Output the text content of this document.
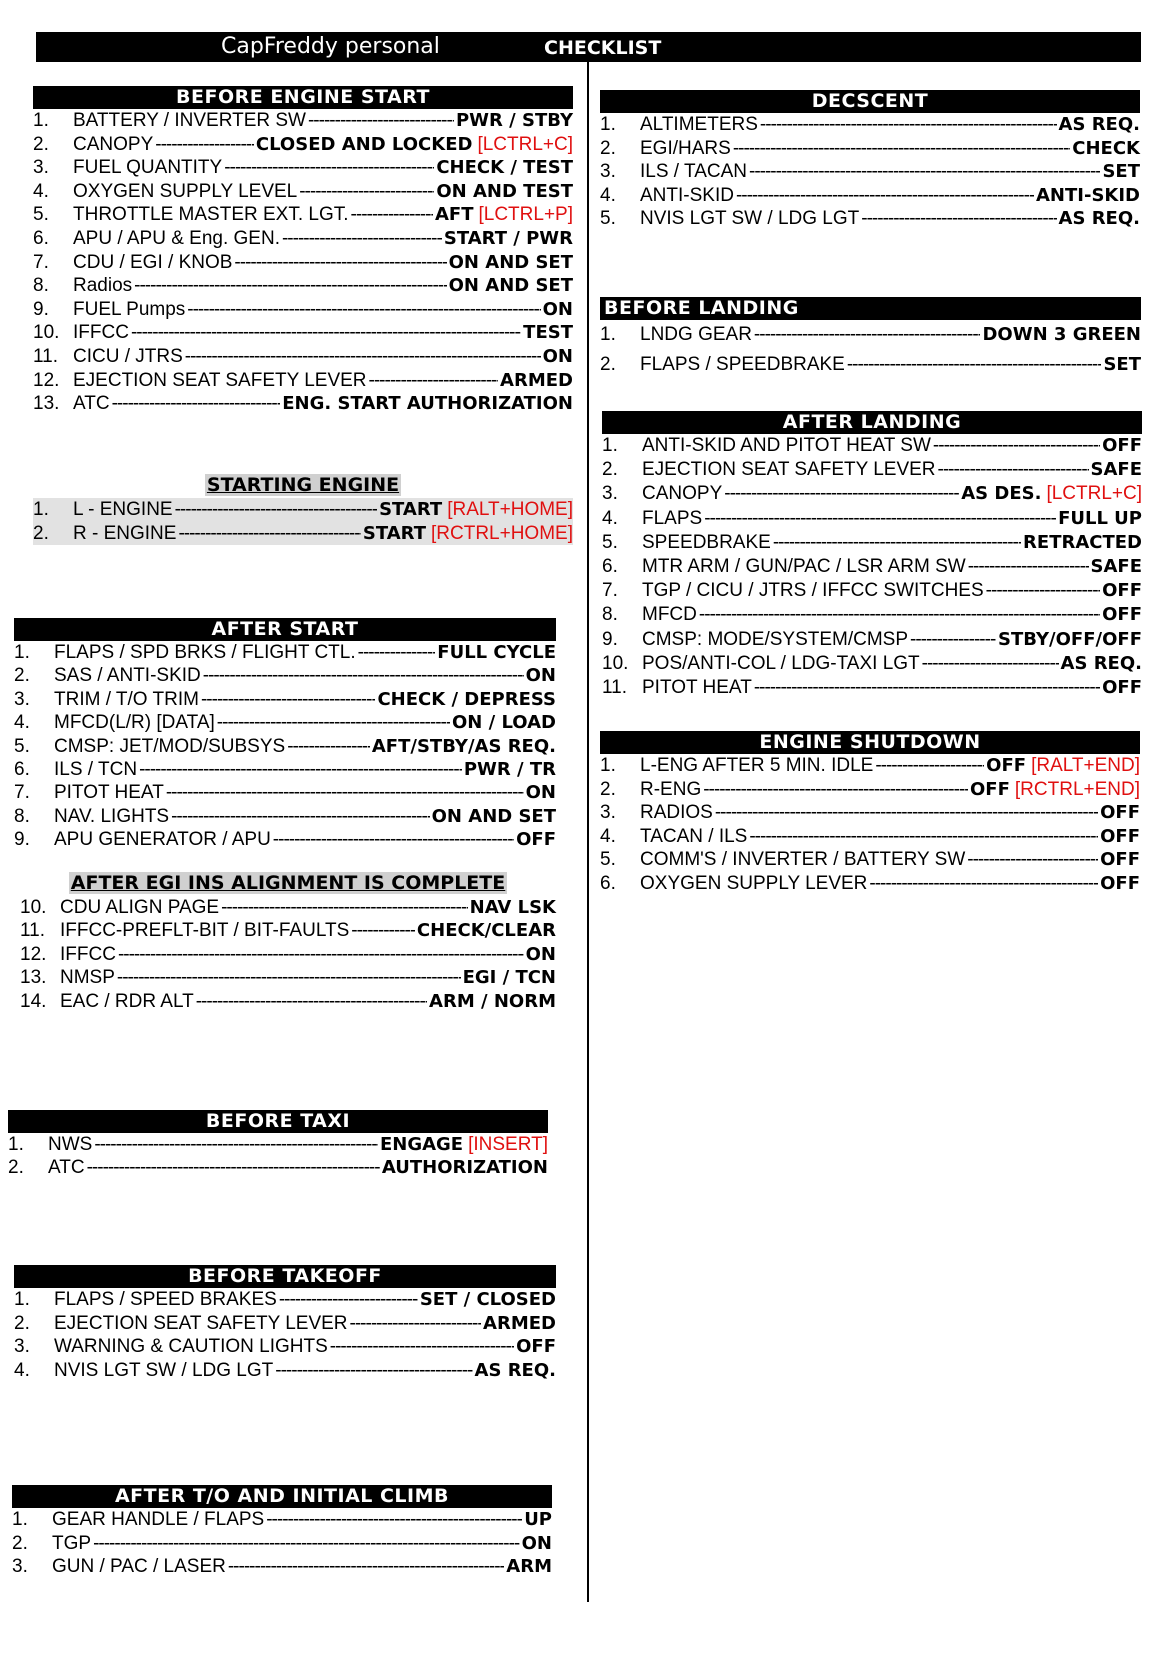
CapFreddy personal	CHECKLIST
BEFORE ENGINE START
1.	BATTERY / INVERTER SW -----	PWR / STBY
2.	CANOPY -----	CLOSED AND LOCKED [LCTRL+C]
3.	FUEL QUANTITY -----	CHECK / TEST
4.	OXYGEN SUPPLY LEVEL -----	ON AND TEST
5.	THROTTLE MASTER EXT. LGT. -----	AFT [LCTRL+P]
6.	APU / APU & Eng. GEN. -----	START / PWR
7.	CDU / EGI / KNOB -----	ON AND SET
8.	Radios -----	ON AND SET
9.	FUEL Pumps -----	ON
10. IFFCC -----	TEST
11. CICU / JTRS -----	ON
12. EJECTION SEAT SAFETY LEVER -----	ARMED
13. ATC -----	ENG. START AUTHORIZATION
STARTING ENGINE
1.	L - ENGINE -----	START [RALT+HOME]
2.	R - ENGINE -----	START [RCTRL+HOME]
AFTER START
1.	FLAPS / SPD BRKS / FLIGHT CTL. -----	FULL CYCLE
2.	SAS / ANTI-SKID -----	ON
3.	TRIM / T/O TRIM -----	CHECK / DEPRESS
4.	MFCD(L/R) [DATA] -----	ON / LOAD
5.	CMSP: JET/MOD/SUBSYS -----	AFT/STBY/AS REQ.
6.	ILS / TCN -----	PWR / TR
7.	PITOT HEAT -----	ON
8.	NAV. LIGHTS -----	ON AND SET
9.	APU GENERATOR / APU -----	OFF
AFTER EGI INS ALIGNMENT IS COMPLETE
10. CDU ALIGN PAGE -----	NAV LSK
11. IFFCC-PREFLT-BIT / BIT-FAULTS -----	CHECK/CLEAR
12. IFFCC -----	ON
13. NMSP -----	EGI / TCN
14. EAC / RDR ALT -----	ARM / NORM
BEFORE TAXI
1.	NWS -----	ENGAGE [INSERT]
2.	ATC -----	AUTHORIZATION
BEFORE TAKEOFF
1.	FLAPS / SPEED BRAKES -----	SET / CLOSED
2.	EJECTION SEAT SAFETY LEVER -----	ARMED
3.	WARNING & CAUTION LIGHTS -----	OFF
4.	NVIS LGT SW / LDG LGT -----	AS REQ.
AFTER T/O AND INITIAL CLIMB
1.	GEAR HANDLE / FLAPS -----	UP
2.	TGP -----	ON
3.	GUN / PAC / LASER -----	ARM
DECSCENT
1.	ALTIMETERS -----	AS REQ.
2.	EGI/HARS -----	CHECK
3.	ILS / TACAN -----	SET
4.	ANTI-SKID -----	ANTI-SKID
5.	NVIS LGT SW / LDG LGT -----	AS REQ.
BEFORE LANDING
1.	LNDG GEAR -----	DOWN 3 GREEN
2.	FLAPS / SPEEDBRAKE -----	SET
AFTER LANDING
1.	ANTI-SKID AND PITOT HEAT SW -----	OFF
2.	EJECTION SEAT SAFETY LEVER -----	SAFE
3.	CANOPY -----	AS DES. [LCTRL+C]
4.	FLAPS -----	FULL UP
5.	SPEEDBRAKE -----	RETRACTED
6.	MTR ARM / GUN/PAC / LSR ARM SW -----	SAFE
7.	TGP / CICU / JTRS / IFFCC SWITCHES -----	OFF
8.	MFCD -----	OFF
9.	CMSP: MODE/SYSTEM/CMSP -----	STBY/OFF/OFF
10. POS/ANTI-COL / LDG-TAXI LGT -----	AS REQ.
11. PITOT HEAT -----	OFF
ENGINE SHUTDOWN
1.	L-ENG AFTER 5 MIN. IDLE -----	OFF [RALT+END]
2.	R-ENG -----	OFF [RCTRL+END]
3.	RADIOS -----	OFF
4.	TACAN / ILS -----	OFF
5.	COMM'S / INVERTER / BATTERY SW -----	OFF
6.	OXYGEN SUPPLY LEVER -----	OFF
